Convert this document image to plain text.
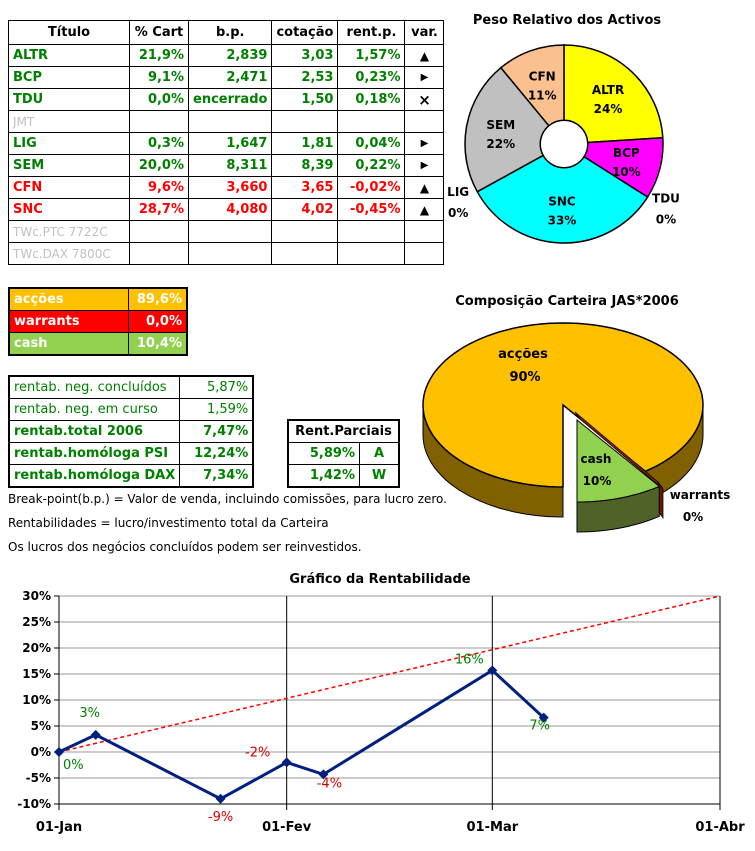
Título	% Cart	b.p.	cotação	rent.p.	var.
ALTR	21,9%	2,839	3,03	1,57%	▲
BCP	9,1%	2,471	2,53	0,23%	▶
TDU	0,0%	encerrado	1,50	0,18%	×
JMT					
LIG	0,3%	1,647	1,81	0,04%	▶
SEM	20,0%	8,311	8,39	0,22%	▶
CFN	9,6%	3,660	3,65	-0,02%	▲
SNC	28,7%	4,080	4,02	-0,45%	▲
TWc.PTC 7722C					
TWc.DAX 7800C					
acções	89,6%
warrants	0,0%
cash	10,4%
rentab. neg. concluídos	5,87%
rentab. neg. em curso	1,59%
rentab.total 2006	7,47%
rentab.homóloga PSI	12,24%
rentab.homóloga DAX	7,34%
Rent.Parciais	
5,89%	A
1,42%	W
Break-point(b.p.) = Valor de venda, incluindo comissões, para lucro zero.
Rentabilidades = lucro/investimento total da Carteira
Os lucros dos negócios concluídos podem ser reinvestidos.
Peso Relativo dos Activos
ALTR
24%
BCP
10%
TDU
0%
SNC
33%
LIG
0%
SEM
22%
CFN
11%
Composição Carteira JAS*2006
acções
90%
cash
10%
warrants
0%
Gráfico da Rentabilidade
-10%
-5%
0%
5%
10%
15%
20%
25%
30%
01-Jan	01-Fev	01-Mar	01-Abr
0%
3%
-9%
-2%
-4%
16%
7%
